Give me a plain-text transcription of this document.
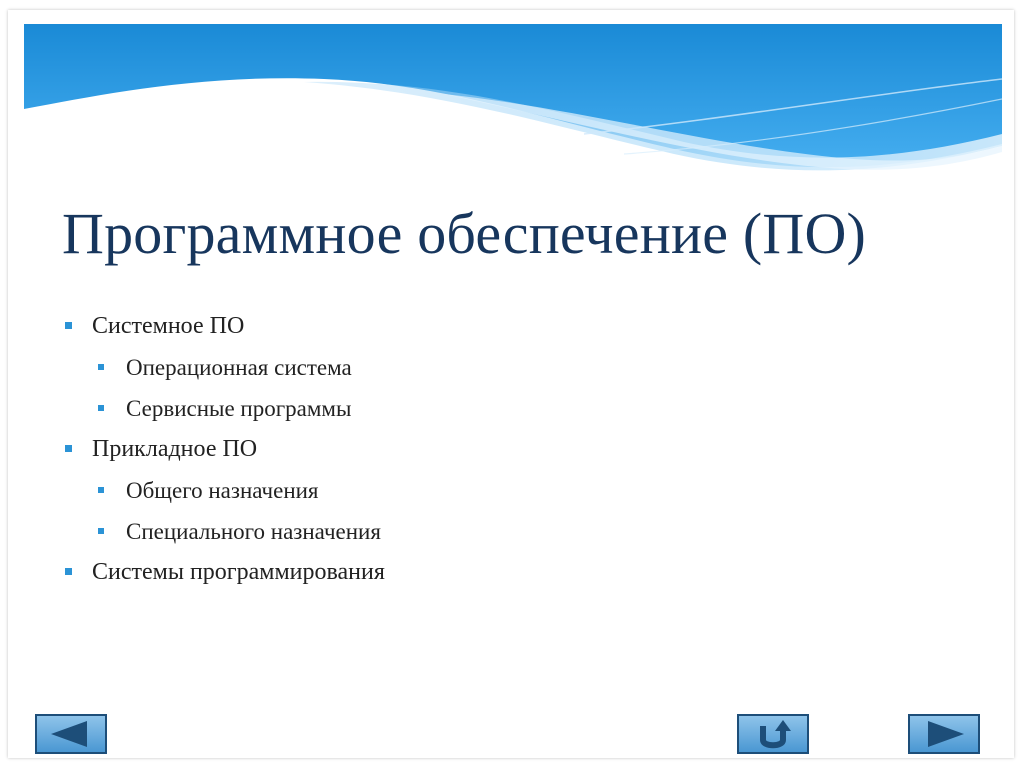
Программное обеспечение (ПО)
Системное ПО
Операционная система
Сервисные программы
Прикладное ПО
Общего назначения
Специального назначения
Системы программирования
